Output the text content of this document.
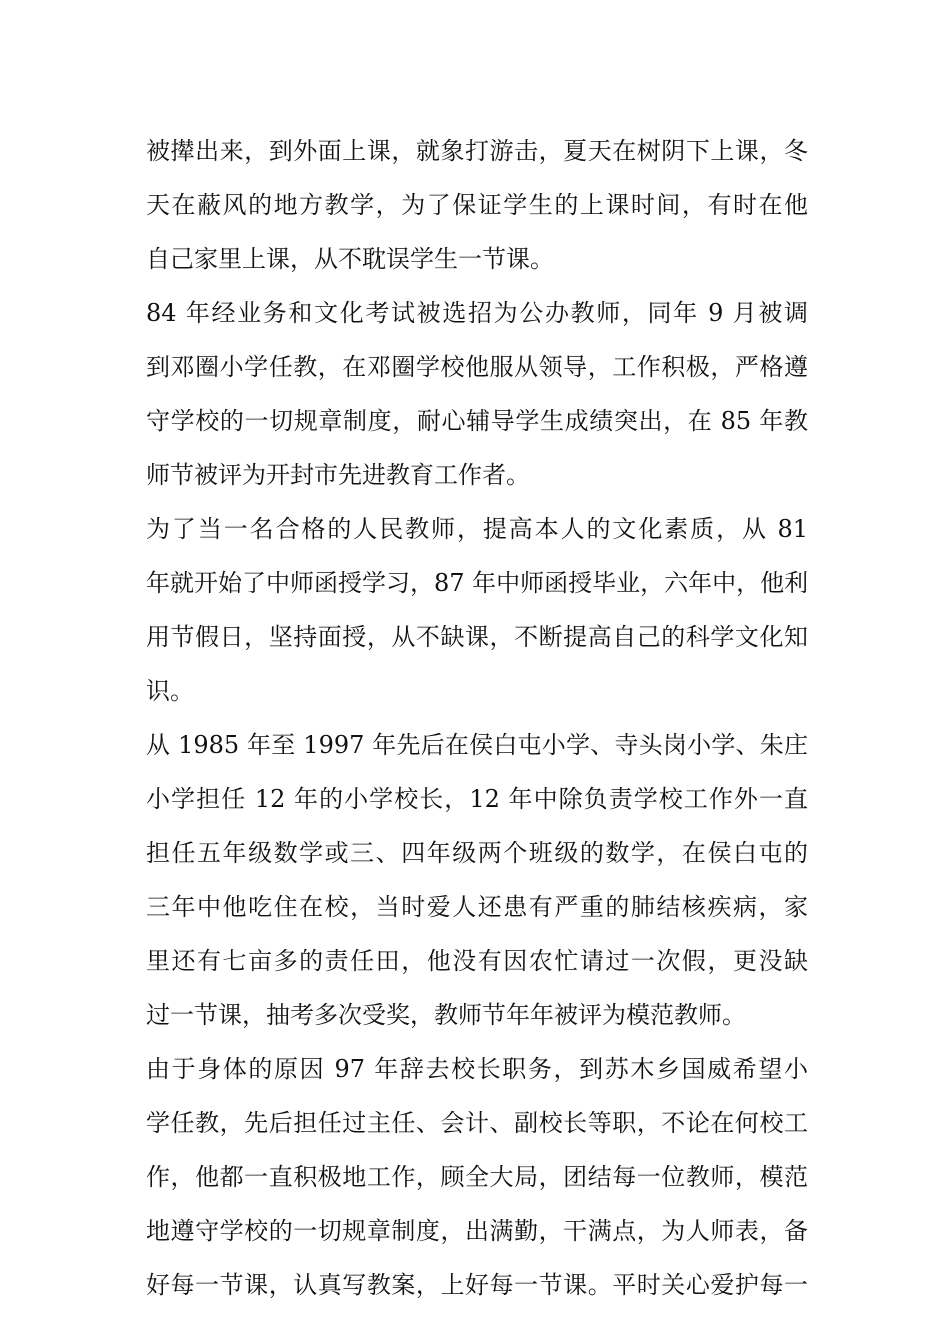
被撵出来，到外面上课，就象打游击，夏天在树阴下上课，冬
天在蔽风的地方教学，为了保证学生的上课时间，有时在他
自己家里上课，从不耽误学生一节课。
84 年经业务和文化考试被选招为公办教师，同年 9 月被调
到邓圈小学任教，在邓圈学校他服从领导，工作积极，严格遵
守学校的一切规章制度，耐心辅导学生成绩突出，在 85 年教
师节被评为开封市先进教育工作者。
为了当一名合格的人民教师，提高本人的文化素质，从 81
年就开始了中师函授学习，87 年中师函授毕业，六年中，他利
用节假日，坚持面授，从不缺课，不断提高自己的科学文化知
识。
从 1985 年至 1997 年先后在侯白屯小学、寺头岗小学、朱庄
小学担任 12 年的小学校长，12 年中除负责学校工作外一直
担任五年级数学或三、四年级两个班级的数学，在侯白屯的
三年中他吃住在校，当时爱人还患有严重的肺结核疾病，家
里还有七亩多的责任田，他没有因农忙请过一次假，更没缺
过一节课，抽考多次受奖，教师节年年被评为模范教师。
由于身体的原因 97 年辞去校长职务，到苏木乡国威希望小
学任教，先后担任过主任、会计、副校长等职，不论在何校工
作，他都一直积极地工作，顾全大局，团结每一位教师，模范
地遵守学校的一切规章制度，出满勤，干满点，为人师表，备
好每一节课，认真写教案，上好每一节课。平时关心爱护每一
